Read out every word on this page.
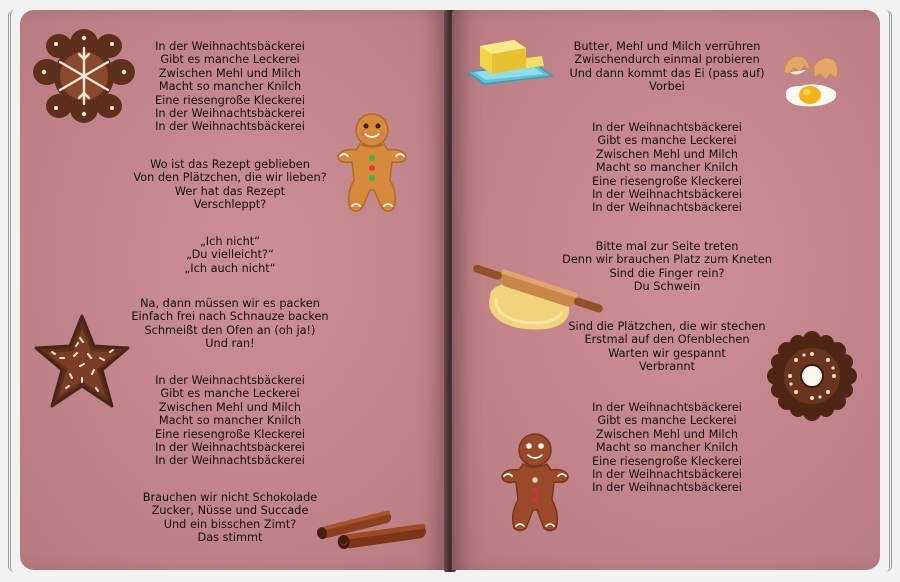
In der Weihnachtsbäckerei
Gibt es manche Leckerei
Zwischen Mehl und Milch
Macht so mancher Knilch
Eine riesengroße Kleckerei
In der Weihnachtsbäckerei
In der Weihnachtsbäckerei
Wo ist das Rezept geblieben
Von den Plätzchen, die wir lieben?
Wer hat das Rezept
Verschleppt?
„Ich nicht“
„Du vielleicht?“
„Ich auch nicht“
Na, dann müssen wir es packen
Einfach frei nach Schnauze backen
Schmeißt den Ofen an (oh ja!)
Und ran!
In der Weihnachtsbäckerei
Gibt es manche Leckerei
Zwischen Mehl und Milch
Macht so mancher Knilch
Eine riesengroße Kleckerei
In der Weihnachtsbäckerei
In der Weihnachtsbäckerei
Brauchen wir nicht Schokolade
Zucker, Nüsse und Succade
Und ein bisschen Zimt?
Das stimmt
Butter, Mehl und Milch verrühren
Zwischendurch einmal probieren
Und dann kommt das Ei (pass auf)
Vorbei
In der Weihnachtsbäckerei
Gibt es manche Leckerei
Zwischen Mehl und Milch
Macht so mancher Knilch
Eine riesengroße Kleckerei
In der Weihnachtsbäckerei
In der Weihnachtsbäckerei
Bitte mal zur Seite treten
Denn wir brauchen Platz zum Kneten
Sind die Finger rein?
Du Schwein
Sind die Plätzchen, die wir stechen
Erstmal auf den Ofenblechen
Warten wir gespannt
Verbrannt
In der Weihnachtsbäckerei
Gibt es manche Leckerei
Zwischen Mehl und Milch
Macht so mancher Knilch
Eine riesengroße Kleckerei
In der Weihnachtsbäckerei
In der Weihnachtsbäckerei
